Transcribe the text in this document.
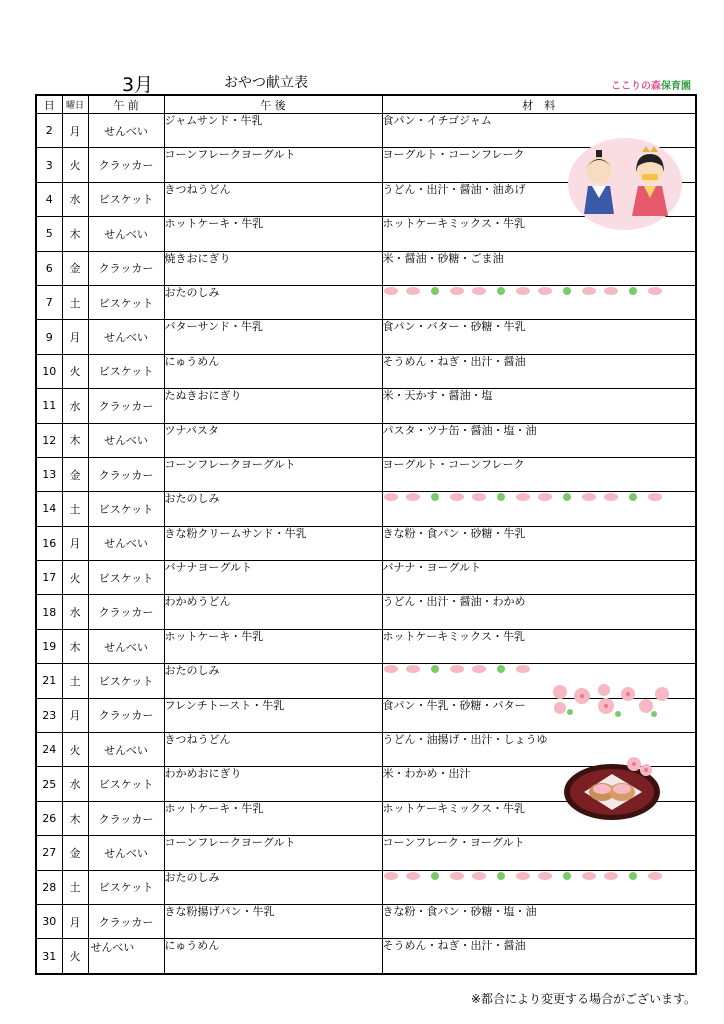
3月	おやつ献立表	ここりの森保育園
日	曜日	午 前	午 後	材　料
2	月	せんべい	ジャムサンド・牛乳	食パン・イチゴジャム
3	火	クラッカー	コーンフレークヨーグルト	ヨーグルト・コーンフレーク
4	水	ビスケット	きつねうどん	うどん・出汁・醤油・油あげ
5	木	せんべい	ホットケーキ・牛乳	ホットケーキミックス・牛乳
6	金	クラッカー	焼きおにぎり	米・醤油・砂糖・ごま油
7	土	ビスケット	おたのしみ	

9	月	せんべい	バターサンド・牛乳	食パン・バター・砂糖・牛乳
10	火	ビスケット	にゅうめん	そうめん・ねぎ・出汁・醤油
11	水	クラッカー	たぬきおにぎり	米・天かす・醤油・塩
12	木	せんべい	ツナパスタ	パスタ・ツナ缶・醤油・塩・油
13	金	クラッカー	コーンフレークヨーグルト	ヨーグルト・コーンフレーク
14	土	ビスケット	おたのしみ	

16	月	せんべい	きな粉クリームサンド・牛乳	きな粉・食パン・砂糖・牛乳
17	火	ビスケット	バナナヨーグルト	バナナ・ヨーグルト
18	水	クラッカー	わかめうどん	うどん・出汁・醤油・わかめ
19	木	せんべい	ホットケーキ・牛乳	ホットケーキミックス・牛乳
21	土	ビスケット	おたのしみ	

23	月	クラッカー	フレンチトースト・牛乳	食パン・牛乳・砂糖・バター
24	火	せんべい	きつねうどん	うどん・油揚げ・出汁・しょうゆ
25	水	ビスケット	わかめおにぎり	米・わかめ・出汁
26	木	クラッカー	ホットケーキ・牛乳	ホットケーキミックス・牛乳
27	金	せんべい	コーンフレークヨーグルト	コーンフレーク・ヨーグルト
28	土	ビスケット	おたのしみ	

30	月	クラッカー	きな粉揚げパン・牛乳	きな粉・食パン・砂糖・塩・油
31	火	せんべい	にゅうめん	そうめん・ねぎ・出汁・醤油
※都合により変更する場合がございます。
